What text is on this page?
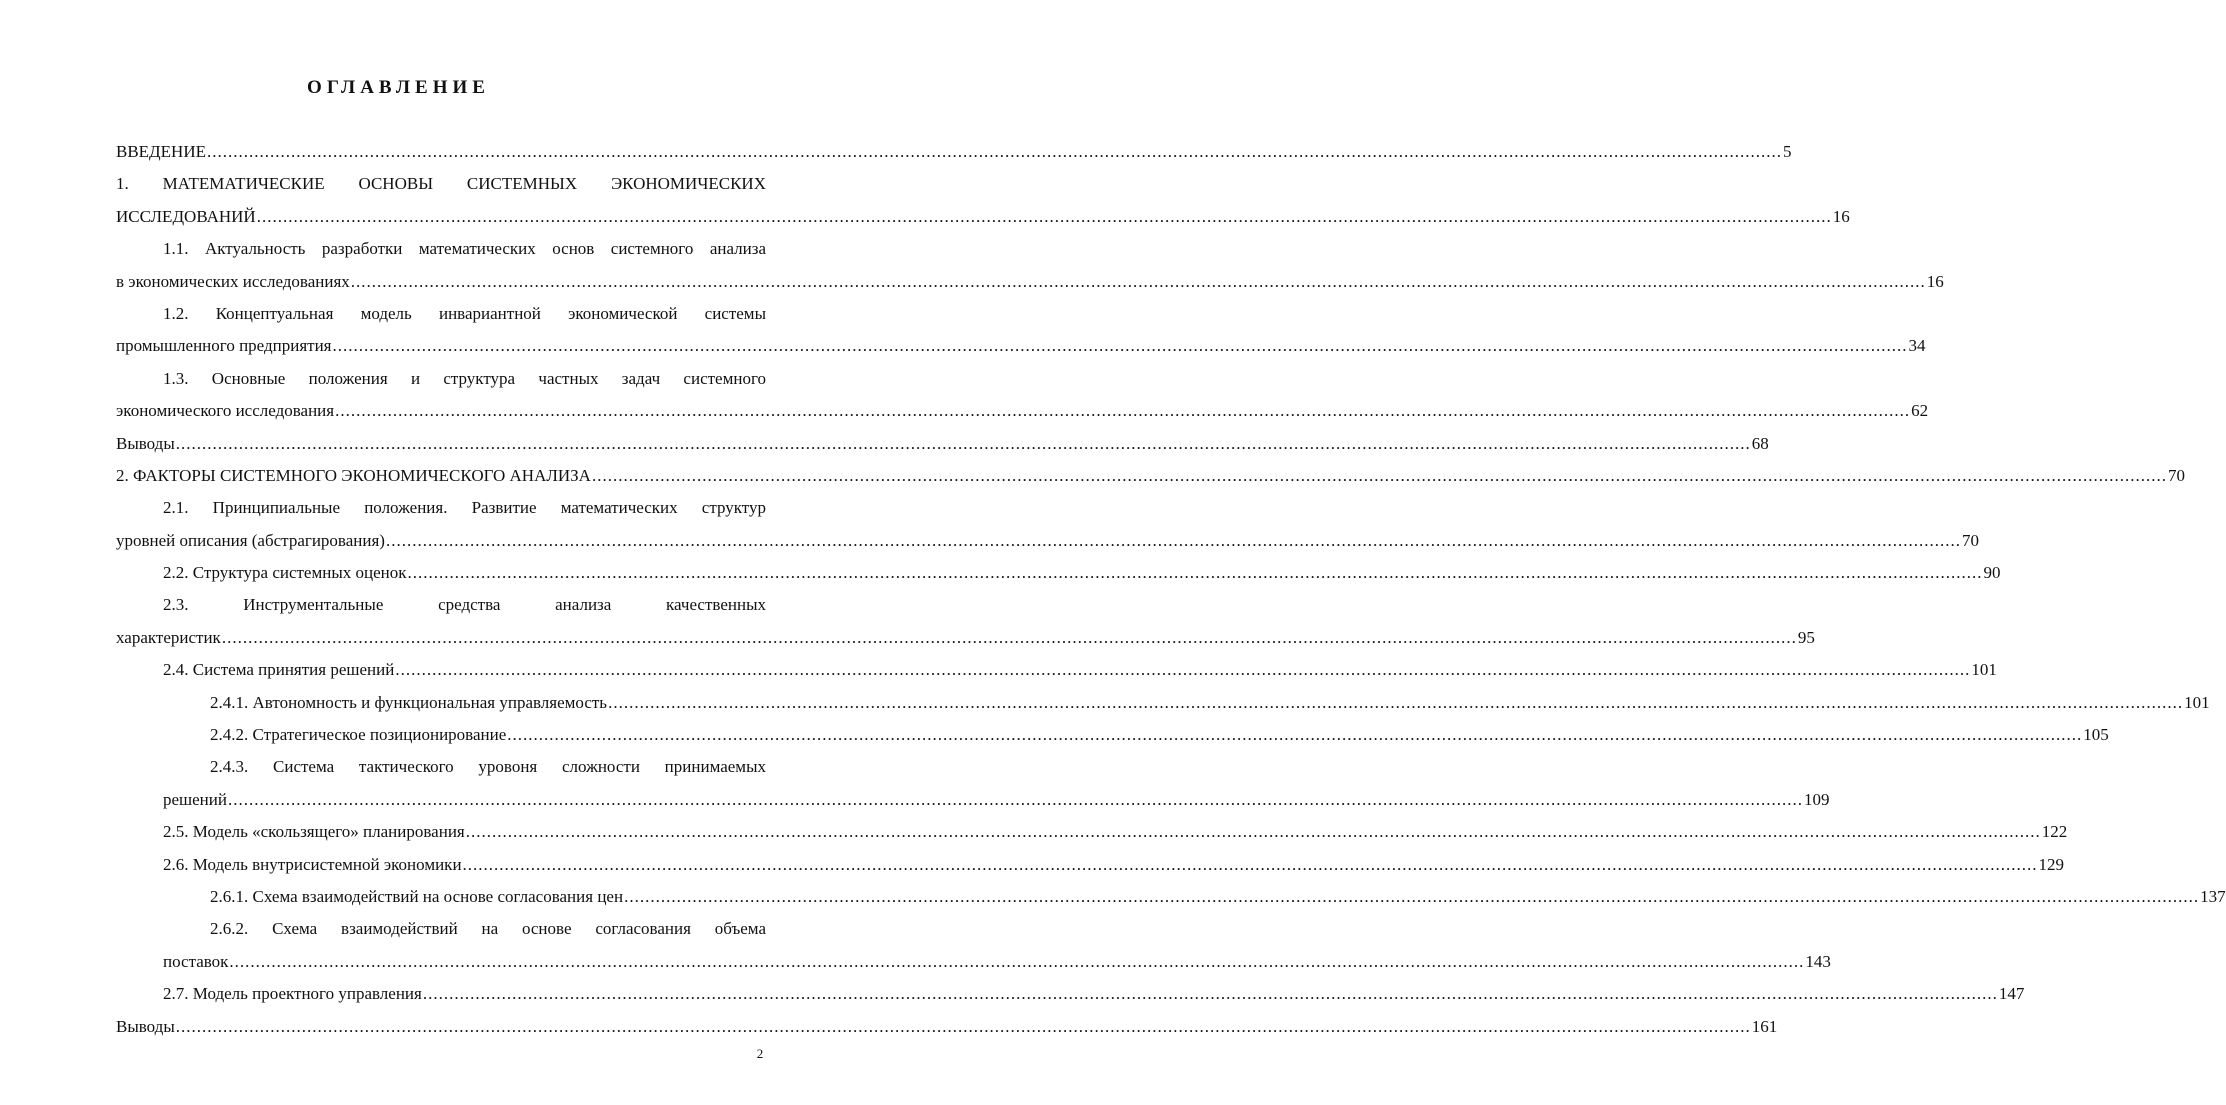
ОГЛАВЛЕНИЕ
ВВЕДЕНИЕ ............................................................................................................................................................................................................................................................................................................ 5
1. МАТЕМАТИЧЕСКИЕ ОСНОВЫ СИСТЕМНЫХ ЭКОНОМИЧЕСКИХ
ИССЛЕДОВАНИЙ ............................................................................................................................................................................................................................................................................................................ 16
1.1. Актуальность разработки математических основ системного анализа
в экономических исследованиях ............................................................................................................................................................................................................................................................................................................ 16
1.2. Концептуальная модель инвариантной экономической системы
промышленного предприятия ............................................................................................................................................................................................................................................................................................................ 34
1.3. Основные положения и структура частных задач системного
экономического исследования ............................................................................................................................................................................................................................................................................................................ 62
Выводы ............................................................................................................................................................................................................................................................................................................ 68
2. ФАКТОРЫ СИСТЕМНОГО ЭКОНОМИЧЕСКОГО АНАЛИЗА ............................................................................................................................................................................................................................................................................................................ 70
2.1. Принципиальные положения. Развитие математических структур
уровней описания (абстрагирования) ............................................................................................................................................................................................................................................................................................................ 70
2.2. Структура системных оценок ............................................................................................................................................................................................................................................................................................................ 90
2.3. Инструментальные средства анализа качественных
характеристик ............................................................................................................................................................................................................................................................................................................ 95
2.4. Система принятия решений ............................................................................................................................................................................................................................................................................................................ 101
2.4.1. Автономность и функциональная управляемость ............................................................................................................................................................................................................................................................................................................ 101
2.4.2. Стратегическое позиционирование ............................................................................................................................................................................................................................................................................................................ 105
2.4.3. Система тактического уровоня сложности принимаемых
решений ............................................................................................................................................................................................................................................................................................................ 109
2.5. Модель «скользящего» планирования ............................................................................................................................................................................................................................................................................................................ 122
2.6. Модель внутрисистемной экономики ............................................................................................................................................................................................................................................................................................................ 129
2.6.1. Схема взаимодействий на основе согласования цен ............................................................................................................................................................................................................................................................................................................ 137
2.6.2. Схема взаимодействий на основе согласования объема
поставок ............................................................................................................................................................................................................................................................................................................ 143
2.7. Модель проектного управления ............................................................................................................................................................................................................................................................................................................ 147
Выводы ............................................................................................................................................................................................................................................................................................................ 161
2
